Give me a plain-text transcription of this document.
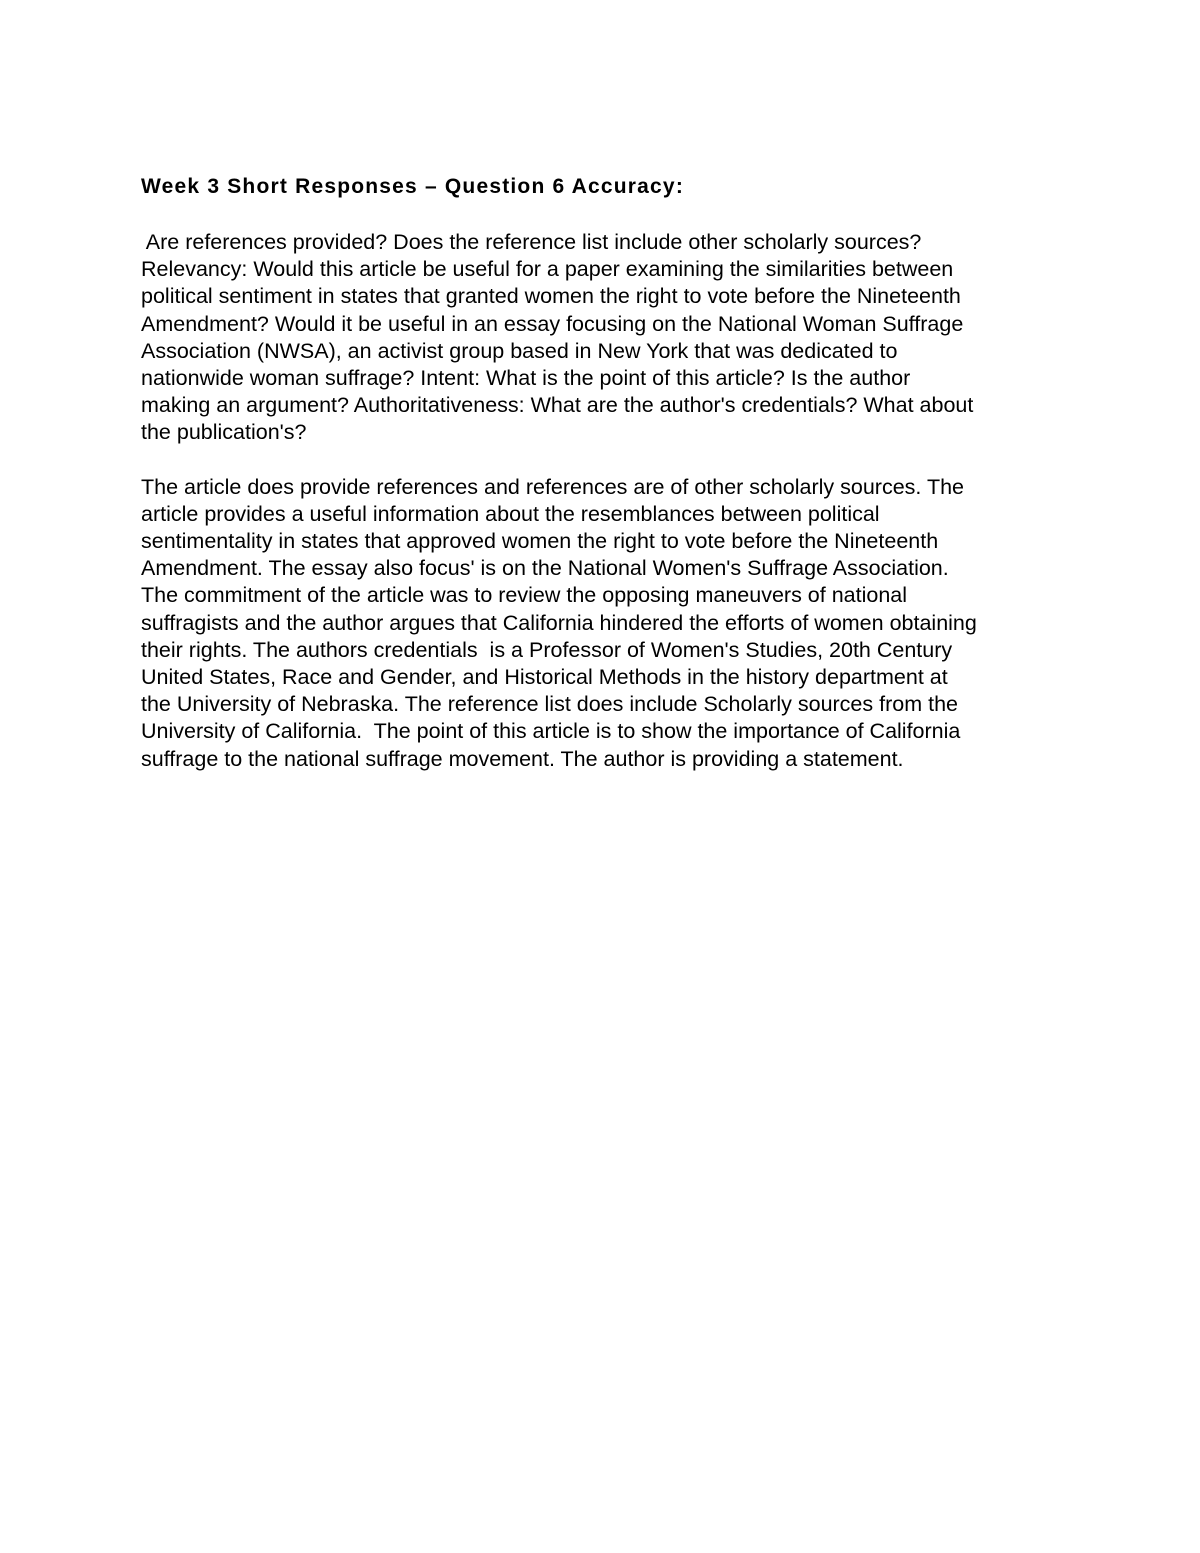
Week 3 Short Responses – Question 6 Accuracy:
Are references provided? Does the reference list include other scholarly sources?
Relevancy: Would this article be useful for a paper examining the similarities between
political sentiment in states that granted women the right to vote before the Nineteenth
Amendment? Would it be useful in an essay focusing on the National Woman Suffrage
Association (NWSA), an activist group based in New York that was dedicated to
nationwide woman suffrage? Intent: What is the point of this article? Is the author
making an argument? Authoritativeness: What are the author's credentials? What about
the publication's?
The article does provide references and references are of other scholarly sources. The
article provides a useful information about the resemblances between political
sentimentality in states that approved women the right to vote before the Nineteenth
Amendment. The essay also focus' is on the National Women's Suffrage Association.
The commitment of the article was to review the opposing maneuvers of national
suffragists and the author argues that California hindered the efforts of women obtaining
their rights. The authors credentials  is a Professor of Women's Studies, 20th Century
United States, Race and Gender, and Historical Methods in the history department at
the University of Nebraska. The reference list does include Scholarly sources from the
University of California.  The point of this article is to show the importance of California
suffrage to the national suffrage movement. The author is providing a statement.
